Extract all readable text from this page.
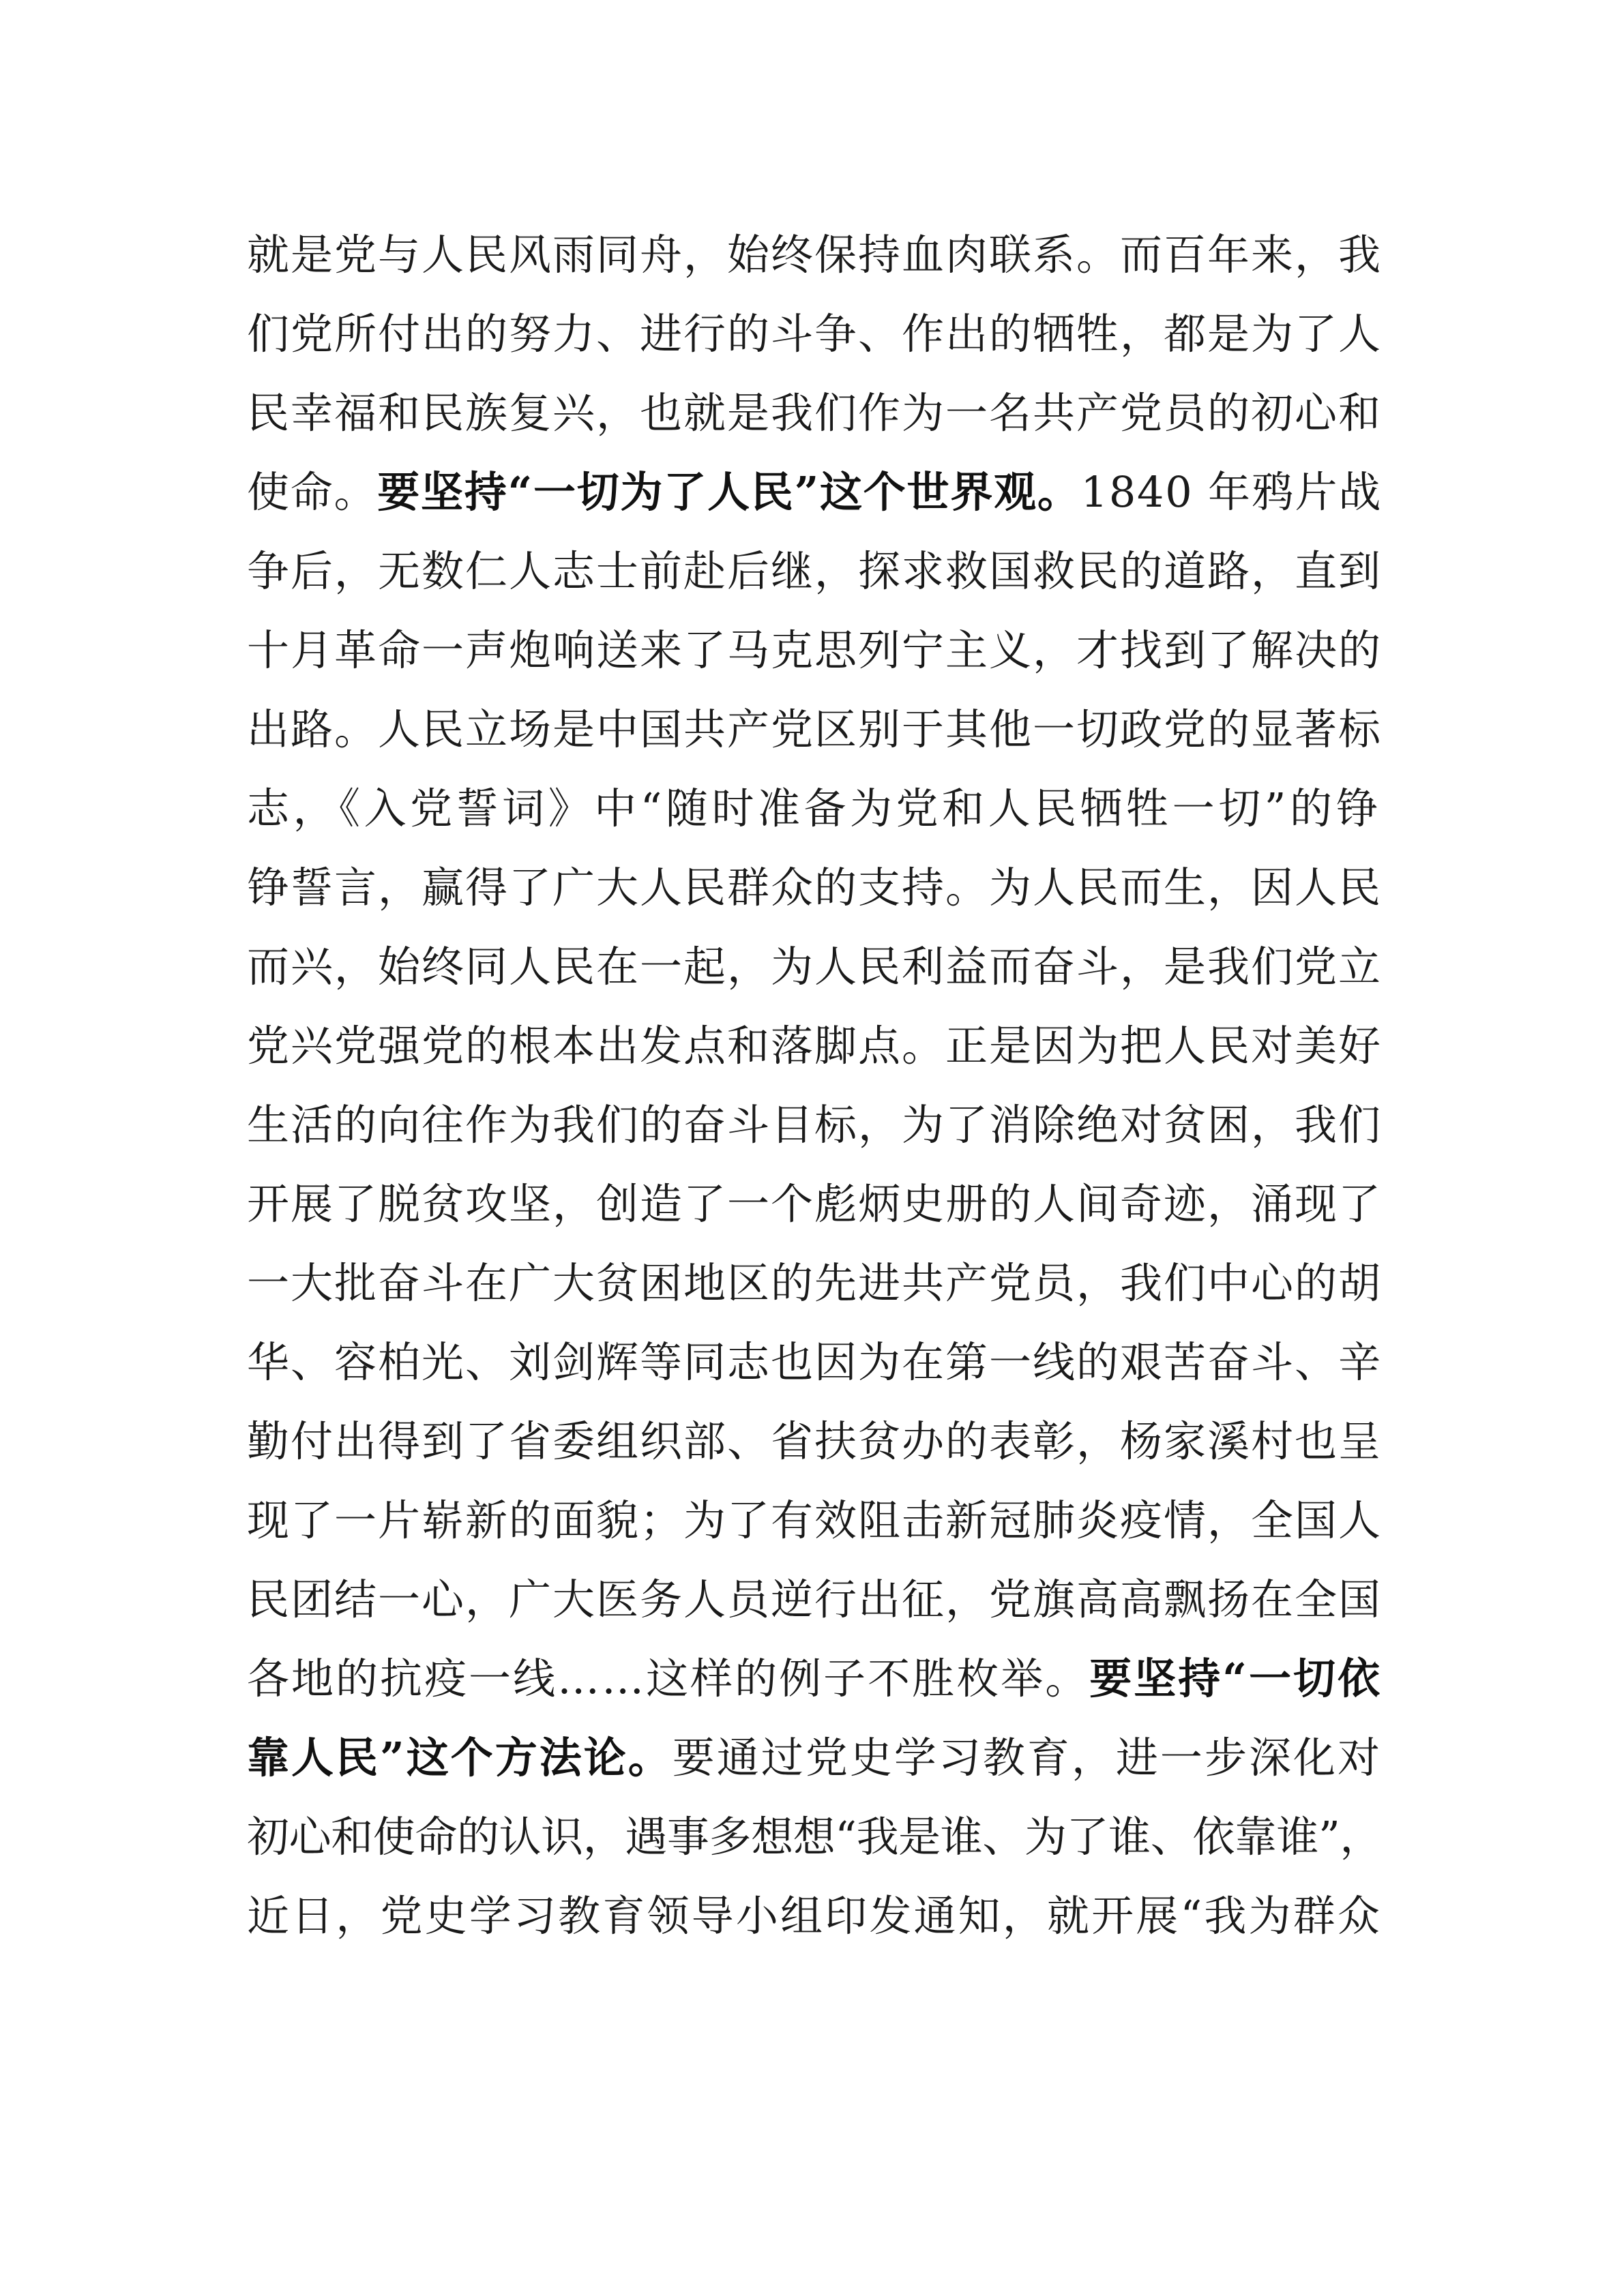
就是党与人民风雨同舟，始终保持血肉联系。而百年来，我
们党所付出的努力、进行的斗争、作出的牺牲，都是为了人
民幸福和民族复兴，也就是我们作为一名共产党员的初心和
使命。要坚持“一切为了人民”这个世界观。1840 年鸦片战
争后，无数仁人志士前赴后继，探求救国救民的道路，直到
十月革命一声炮响送来了马克思列宁主义，才找到了解决的
出路。人民立场是中国共产党区别于其他一切政党的显著标
志，《入党誓词》中“随时准备为党和人民牺牲一切”的铮
铮誓言，赢得了广大人民群众的支持。为人民而生，因人民
而兴，始终同人民在一起，为人民利益而奋斗，是我们党立
党兴党强党的根本出发点和落脚点。正是因为把人民对美好
生活的向往作为我们的奋斗目标，为了消除绝对贫困，我们
开展了脱贫攻坚，创造了一个彪炳史册的人间奇迹，涌现了
一大批奋斗在广大贫困地区的先进共产党员，我们中心的胡
华、容柏光、刘剑辉等同志也因为在第一线的艰苦奋斗、辛
勤付出得到了省委组织部、省扶贫办的表彰，杨家溪村也呈
现了一片崭新的面貌；为了有效阻击新冠肺炎疫情，全国人
民团结一心，广大医务人员逆行出征，党旗高高飘扬在全国
各地的抗疫一线……这样的例子不胜枚举。要坚持“一切依
靠人民”这个方法论。要通过党史学习教育，进一步深化对
初心和使命的认识，遇事多想想“我是谁、为了谁、依靠谁”，
近日，党史学习教育领导小组印发通知，就开展“我为群众
